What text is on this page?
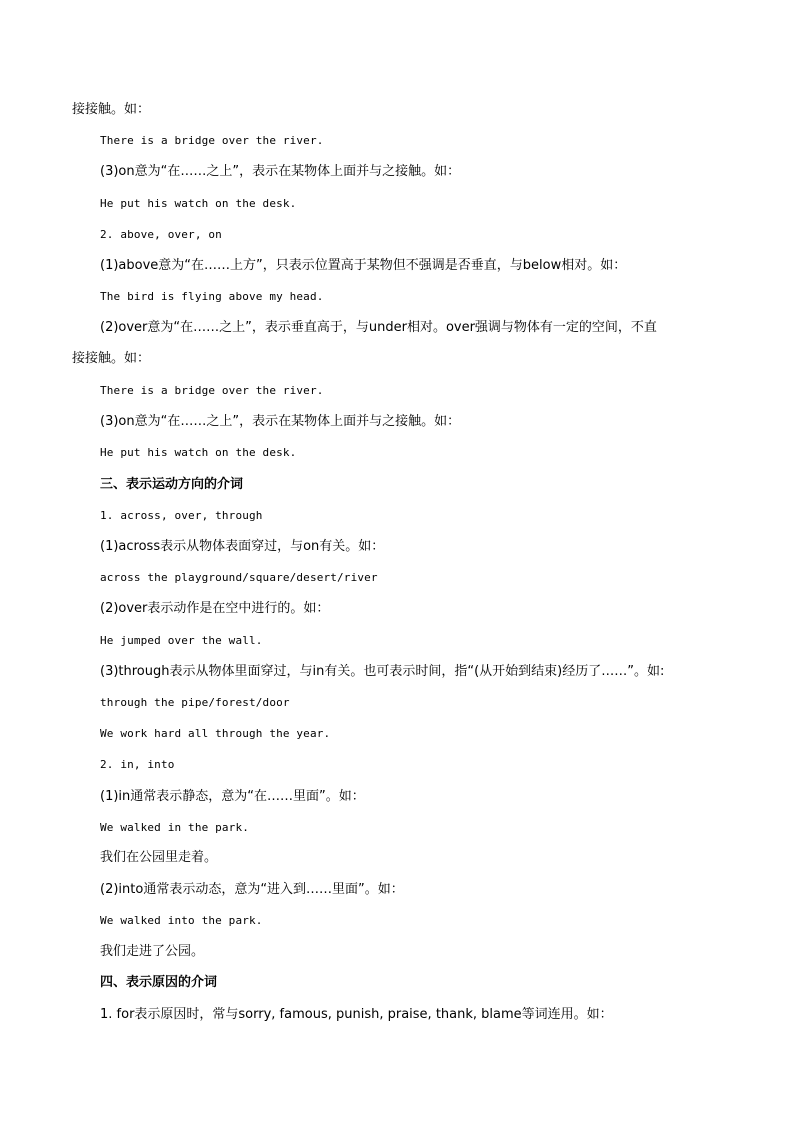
接接触。如：
There is a bridge over the river.
(3)on意为“在……之上”，表示在某物体上面并与之接触。如：
He put his watch on the desk.
2. above, over, on
(1)above意为“在……上方”，只表示位置高于某物但不强调是否垂直，与below相对。如：
The bird is flying above my head.
(2)over意为“在……之上”，表示垂直高于，与under相对。over强调与物体有一定的空间，不直
接接触。如：
There is a bridge over the river.
(3)on意为“在……之上”，表示在某物体上面并与之接触。如：
He put his watch on the desk.
三、表示运动方向的介词
1. across, over, through
(1)across表示从物体表面穿过，与on有关。如：
across the playground/square/desert/river
(2)over表示动作是在空中进行的。如：
He jumped over the wall.
(3)through表示从物体里面穿过，与in有关。也可表示时间，指“(从开始到结束)经历了……”。如:
through the pipe/forest/door
We work hard all through the year.
2. in, into
(1)in通常表示静态，意为“在……里面”。如：
We walked in the park.
我们在公园里走着。
(2)into通常表示动态，意为“进入到……里面”。如：
We walked into the park.
我们走进了公园。
四、表示原因的介词
1. for表示原因时，常与sorry, famous, punish, praise, thank, blame等词连用。如：
